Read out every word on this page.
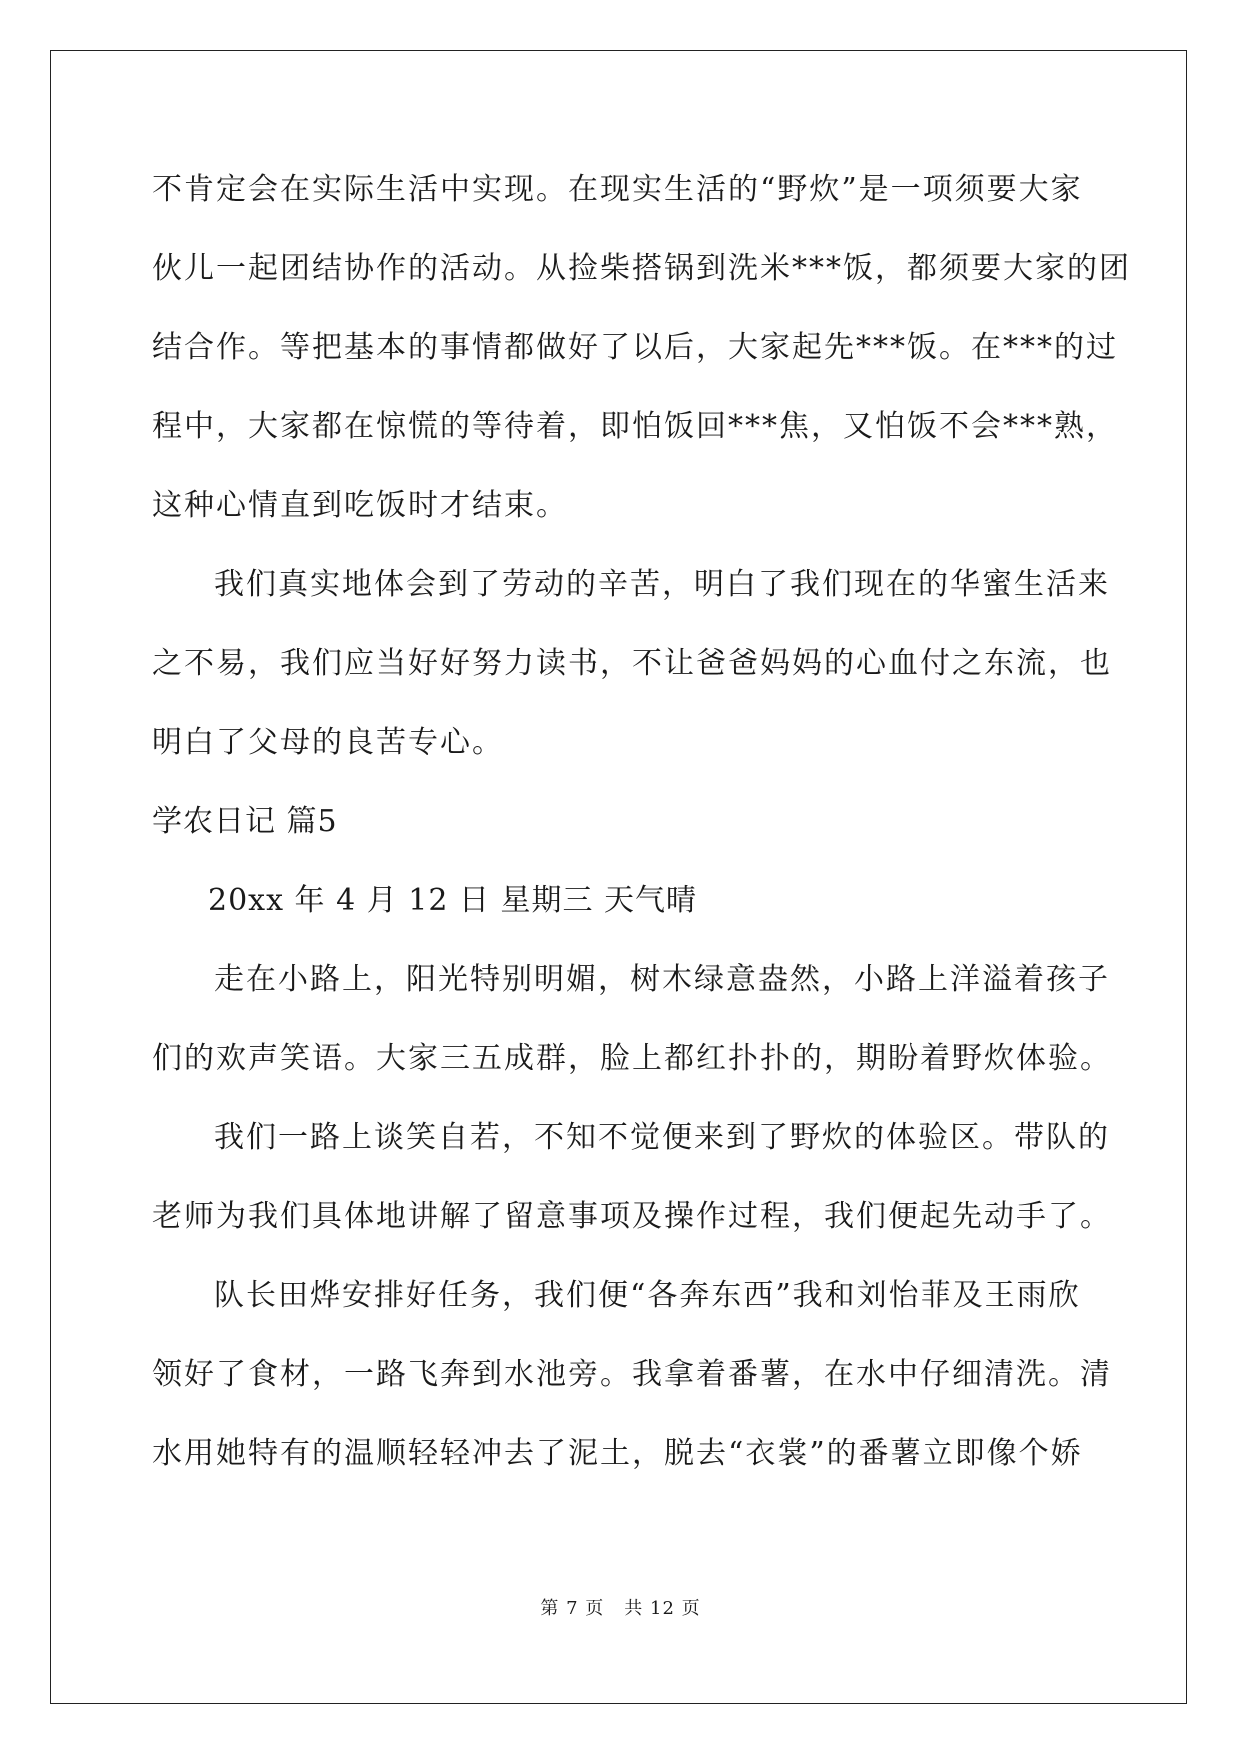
不肯定会在实际生活中实现。在现实生活的“野炊”是一项须要大家
伙儿一起团结协作的活动。从捡柴搭锅到洗米***饭，都须要大家的团
结合作。等把基本的事情都做好了以后，大家起先***饭。在***的过
程中，大家都在惊慌的等待着，即怕饭回***焦，又怕饭不会***熟，
这种心情直到吃饭时才结束。
我们真实地体会到了劳动的辛苦，明白了我们现在的华蜜生活来
之不易，我们应当好好努力读书，不让爸爸妈妈的心血付之东流，也
明白了父母的良苦专心。
学农日记 篇5
20xx 年 4 月 12 日 星期三 天气晴
走在小路上，阳光特别明媚，树木绿意盎然，小路上洋溢着孩子
们的欢声笑语。大家三五成群，脸上都红扑扑的，期盼着野炊体验。
我们一路上谈笑自若，不知不觉便来到了野炊的体验区。带队的
老师为我们具体地讲解了留意事项及操作过程，我们便起先动手了。
队长田烨安排好任务，我们便“各奔东西”我和刘怡菲及王雨欣
领好了食材，一路飞奔到水池旁。我拿着番薯，在水中仔细清洗。清
水用她特有的温顺轻轻冲去了泥土，脱去“衣裳”的番薯立即像个娇
第 7 页 共 12 页
